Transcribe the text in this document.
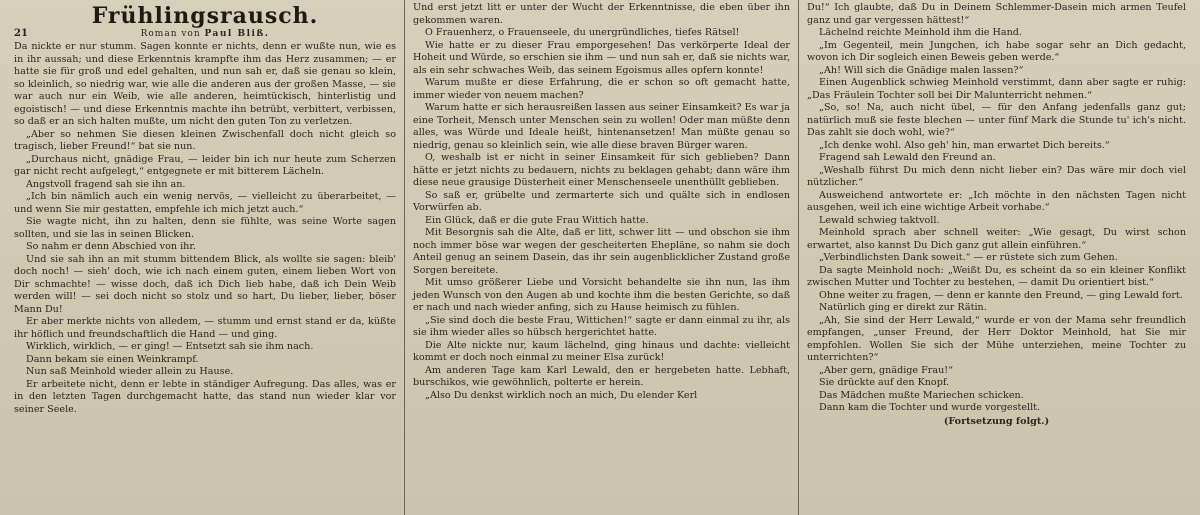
Frühlingsrausch.
21	Roman von Paul Bliß.

Da nickte er nur stumm. Sagen konnte er nichts, denn er wußte nun, wie es in ihr aussah; und diese Erkenntnis krampfte ihm das Herz zusammen; — er hatte sie für groß und edel gehalten, und nun sah er, daß sie genau so klein, so kleinlich, so niedrig war, wie alle die anderen aus der großen Masse, — sie war auch nur ein Weib, wie alle anderen, heimtückisch, hinterlistig und egoistisch! — und diese Erkenntnis machte ihn betrübt, verbittert, verbissen, so daß er an sich halten mußte, um nicht den guten Ton zu verletzen.

„Aber so nehmen Sie diesen kleinen Zwischenfall doch nicht gleich so tragisch, lieber Freund!“ bat sie nun.

„Durchaus nicht, gnädige Frau, — leider bin ich nur heute zum Scherzen gar nicht recht aufgelegt,“ entgegnete er mit bitterem Lächeln.

Angstvoll fragend sah sie ihn an.

„Ich bin nämlich auch ein wenig nervös, — vielleicht zu überarbeitet, — und wenn Sie mir gestatten, empfehle ich mich jetzt auch.“

Sie wagte nicht, ihn zu halten, denn sie fühlte, was seine Worte sagen sollten, und sie las in seinen Blicken.

So nahm er denn Abschied von ihr.

Und sie sah ihn an mit stumm bittendem Blick, als wollte sie sagen: bleib' doch noch! — sieh' doch, wie ich nach einem guten, einem lieben Wort von Dir schmachte! — wisse doch, daß ich Dich lieb habe, daß ich Dein Weib werden will! — sei doch nicht so stolz und so hart, Du lieber, lieber, böser Mann Du!

Er aber merkte nichts von alledem, — stumm und ernst stand er da, küßte ihr höflich und freundschaftlich die Hand — und ging.

Wirklich, wirklich, — er ging! — Entsetzt sah sie ihm nach.

Dann bekam sie einen Weinkrampf.

Nun saß Meinhold wieder allein zu Hause.

Er arbeitete nicht, denn er lebte in ständiger Aufregung. Das alles, was er in den letzten Tagen durchgemacht hatte, das stand nun wieder klar vor seiner Seele.

Und erst jetzt litt er unter der Wucht der Erkenntnisse, die eben über ihn gekommen waren.

O Frauenherz, o Frauenseele, du unergründliches, tiefes Rätsel!

Wie hatte er zu dieser Frau emporgesehen! Das verkörperte Ideal der Hoheit und Würde, so erschien sie ihm — und nun sah er, daß sie nichts war, als ein sehr schwaches Weib, das seinem Egoismus alles opfern konnte!

Warum mußte er diese Erfahrung, die er schon so oft gemacht hatte, immer wieder von neuem machen?

Warum hatte er sich herausreißen lassen aus seiner Einsamkeit? Es war ja eine Torheit, Mensch unter Menschen sein zu wollen! Oder man müßte denn alles, was Würde und Ideale heißt, hintenansetzen! Man müßte genau so niedrig, genau so kleinlich sein, wie alle diese braven Bürger waren.

O, weshalb ist er nicht in seiner Einsamkeit für sich geblieben? Dann hätte er jetzt nichts zu bedauern, nichts zu beklagen gehabt; dann wäre ihm diese neue grausige Düsterheit einer Menschenseele unenthüllt geblieben.

So saß er, grübelte und zermarterte sich und quälte sich in endlosen Vorwürfen ab.

Ein Glück, daß er die gute Frau Wittich hatte.

Mit Besorgnis sah die Alte, daß er litt, schwer litt — und obschon sie ihm noch immer böse war wegen der gescheiterten Ehepläne, so nahm sie doch Anteil genug an seinem Dasein, das ihr sein augenblicklicher Zustand große Sorgen bereitete.

Mit umso größerer Liebe und Vorsicht behandelte sie ihn nun, las ihm jeden Wunsch von den Augen ab und kochte ihm die besten Gerichte, so daß er nach und nach wieder anfing, sich zu Hause heimisch zu fühlen.

„Sie sind doch die beste Frau, Wittichen!“ sagte er dann einmal zu ihr, als sie ihm wieder alles so hübsch hergerichtet hatte.

Die Alte nickte nur, kaum lächelnd, ging hinaus und dachte: vielleicht kommt er doch noch einmal zu meiner Elsa zurück!

Am anderen Tage kam Karl Lewald, den er hergebeten hatte. Lebhaft, burschikos, wie gewöhnlich, polterte er herein.

„Also Du denkst wirklich noch an mich, Du elender Kerl

Du!“ Ich glaubte, daß Du in Deinem Schlemmer-Dasein mich armen Teufel ganz und gar vergessen hättest!“

Lächelnd reichte Meinhold ihm die Hand.

„Im Gegenteil, mein Jungchen, ich habe sogar sehr an Dich gedacht, wovon ich Dir sogleich einen Beweis geben werde.“

„Ah! Will sich die Gnädige malen lassen?“

Einen Augenblick schwieg Meinhold verstimmt, dann aber sagte er ruhig: „Das Fräulein Tochter soll bei Dir Malunterricht nehmen.“

„So, so! Na, auch nicht übel, — für den Anfang jedenfalls ganz gut; natürlich muß sie feste blechen — unter fünf Mark die Stunde tu' ich's nicht. Das zahlt sie doch wohl, wie?“

„Ich denke wohl. Also geh' hin, man erwartet Dich bereits.“

Fragend sah Lewald den Freund an.

„Weshalb führst Du mich denn nicht lieber ein? Das wäre mir doch viel nützlicher.“

Ausweichend antwortete er: „Ich möchte in den nächsten Tagen nicht ausgehen, weil ich eine wichtige Arbeit vorhabe.“

Lewald schwieg taktvoll.

Meinhold sprach aber schnell weiter: „Wie gesagt, Du wirst schon erwartet, also kannst Du Dich ganz gut allein einführen.“

„Verbindlichsten Dank soweit.“ — er rüstete sich zum Gehen.

Da sagte Meinhold noch: „Weißt Du, es scheint da so ein kleiner Konflikt zwischen Mutter und Tochter zu bestehen, — damit Du orientiert bist.“

Ohne weiter zu fragen, — denn er kannte den Freund, — ging Lewald fort.

Natürlich ging er direkt zur Rätin.

„Ah, Sie sind der Herr Lewald,“ wurde er von der Mama sehr freundlich empfangen, „unser Freund, der Herr Doktor Meinhold, hat Sie mir empfohlen. Wollen Sie sich der Mühe unterziehen, meine Tochter zu unterrichten?“

„Aber gern, gnädige Frau!“

Sie drückte auf den Knopf.

Das Mädchen mußte Mariechen schicken.

Dann kam die Tochter und wurde vorgestellt.

(Fortsetzung folgt.)
